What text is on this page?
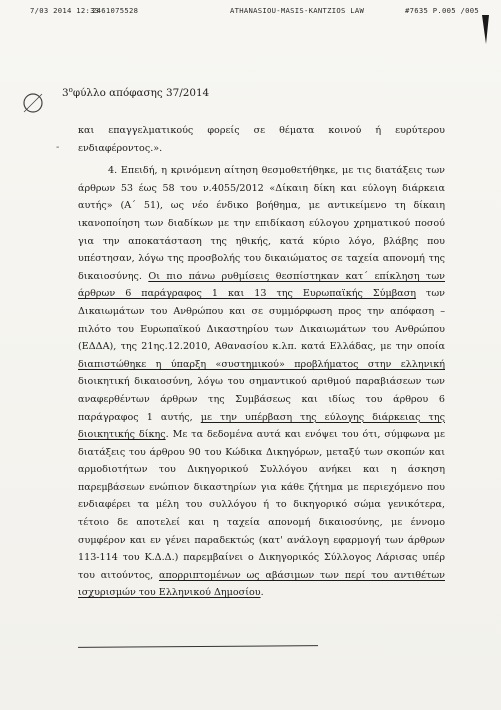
7/03 2014 12:33
2461075528	ATHANASIOU-MASIS-KANTZIOS LAW	#7635 P.005 /005
3$^o$φύλλο απόφασης 37/2014
-

και επαγγελματικούς φορείς σε θέματα κοινού ή ευρύτερου ενδιαφέροντος.».

4. Επειδή, η κρινόμενη αίτηση θεσμοθετήθηκε, με τις διατάξεις των άρθρων 53 έως 58 του ν.4055/2012 «Δίκαιη δίκη και εύλογη διάρκεια αυτής» (Α΄ 51), ως νέο ένδικο βοήθημα, με αντικείμενο τη δίκαιη ικανοποίηση των διαδίκων με την επιδίκαση εύλογου χρηματικού ποσού για την αποκατάσταση της ηθικής, κατά κύριο λόγο, βλάβης που υπέστησαν, λόγω της προσβολής του δικαιώματος σε ταχεία απονομή της δικαιοσύνης. Οι πιο πάνω ρυθμίσεις θεσπίστηκαν κατ΄ επίκληση των άρθρων 6 παράγραφος 1 και 13 της Ευρωπαϊκής Σύμβαση των Δικαιωμάτων του Ανθρώπου και σε συμμόρφωση προς την απόφαση – πιλότο του Ευρωπαϊκού Δικαστηρίου των Δικαιωμάτων του Ανθρώπου (ΕΔΔΑ), της 21ης.12.2010, Αθανασίου κ.λπ. κατά Ελλάδας, με την οποία διαπιστώθηκε η ύπαρξη «συστημικού» προβλήματος στην ελληνική διοικητική δικαιοσύνη, λόγω του σημαντικού αριθμού παραβιάσεων των αναφερθέντων άρθρων της Συμβάσεως και ιδίως του άρθρου 6 παράγραφος 1 αυτής, με την υπέρβαση της εύλογης διάρκειας της διοικητικής δίκης. Με τα δεδομένα αυτά και ενόψει του ότι, σύμφωνα με διατάξεις του άρθρου 90 του Κώδικα Δικηγόρων, μεταξύ των σκοπών και αρμοδιοτήτων του Δικηγορικού Συλλόγου ανήκει και η άσκηση παρεμβάσεων ενώπιον δικαστηρίων για κάθε ζήτημα με περιεχόμενο που ενδιαφέρει τα μέλη του συλλόγου ή το δικηγορικό σώμα γενικότερα, τέτοιο δε αποτελεί και η ταχεία απονομή δικαιοσύνης, με έννομο συμφέρον και εν γένει παραδεκτώς (κατ' ανάλογη εφαρμογή των άρθρων 113-114 του Κ.Δ.Δ.) παρεμβαίνει ο Δικηγορικός Σύλλογος Λάρισας υπέρ του αιτούντος, απορριπτομένων ως αβάσιμων των περί του αντιθέτων ισχυρισμών του Ελληνικού Δημοσίου.
